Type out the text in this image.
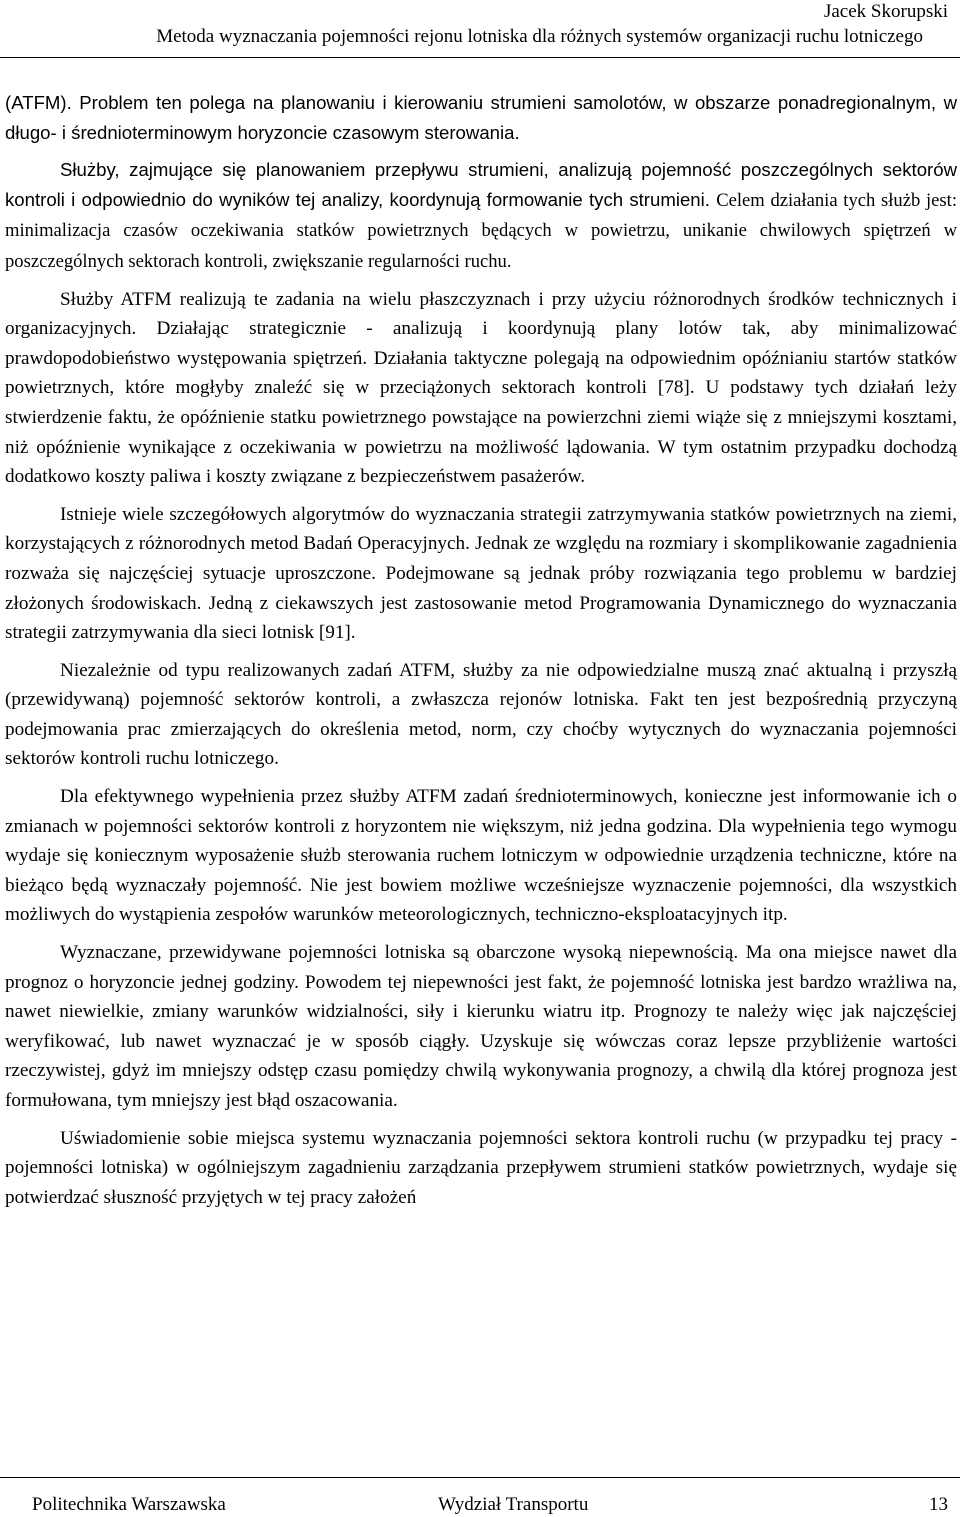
Jacek Skorupski
Metoda wyznaczania pojemności rejonu lotniska dla różnych systemów organizacji ruchu lotniczego

(ATFM). Problem ten polega na planowaniu i kierowaniu strumieni samolotów, w obszarze ponadregionalnym, w długo- i średnioterminowym horyzoncie czasowym sterowania.

Służby, zajmujące się planowaniem przepływu strumieni, analizują pojemność poszczególnych sektorów kontroli i odpowiednio do wyników tej analizy, koordynują formowanie tych strumieni. Celem działania tych służb jest: minimalizacja czasów oczekiwania statków powietrznych będących w powietrzu, unikanie chwilowych spiętrzeń w poszczególnych sektorach kontroli, zwiększanie regularności ruchu.

Służby ATFM realizują te zadania na wielu płaszczyznach i przy użyciu różnorodnych środków technicznych i organizacyjnych. Działając strategicznie - analizują i koordynują plany lotów tak, aby minimalizować prawdopodobieństwo występowania spiętrzeń. Działania taktyczne polegają na odpowiednim opóźnianiu startów statków powietrznych, które mogłyby znaleźć się w przeciążonych sektorach kontroli [78]. U podstawy tych działań leży stwierdzenie faktu, że opóźnienie statku powietrznego powstające na powierzchni ziemi wiąże się z mniejszymi kosztami, niż opóźnienie wynikające z oczekiwania w powietrzu na możliwość lądowania. W tym ostatnim przypadku dochodzą dodatkowo koszty paliwa i koszty związane z bezpieczeństwem pasażerów.

Istnieje wiele szczegółowych algorytmów do wyznaczania strategii zatrzymywania statków powietrznych na ziemi, korzystających z różnorodnych metod Badań Operacyjnych. Jednak ze względu na rozmiary i skomplikowanie zagadnienia rozważa się najczęściej sytuacje uproszczone. Podejmowane są jednak próby rozwiązania tego problemu w bardziej złożonych środowiskach. Jedną z ciekawszych jest zastosowanie metod Programowania Dynamicznego do wyznaczania strategii zatrzymywania dla sieci lotnisk [91].

Niezależnie od typu realizowanych zadań ATFM, służby za nie odpowiedzialne muszą znać aktualną i przyszłą (przewidywaną) pojemność sektorów kontroli, a zwłaszcza rejonów lotniska. Fakt ten jest bezpośrednią przyczyną podejmowania prac zmierzających do określenia metod, norm, czy choćby wytycznych do wyznaczania pojemności sektorów kontroli ruchu lotniczego.

Dla efektywnego wypełnienia przez służby ATFM zadań średnioterminowych, konieczne jest informowanie ich o zmianach w pojemności sektorów kontroli z horyzontem nie większym, niż jedna godzina. Dla wypełnienia tego wymogu wydaje się koniecznym wyposażenie służb sterowania ruchem lotniczym w odpowiednie urządzenia techniczne, które na bieżąco będą wyznaczały pojemność. Nie jest bowiem możliwe wcześniejsze wyznaczenie pojemności, dla wszystkich możliwych do wystąpienia zespołów warunków meteorologicznych, techniczno-eksploatacyjnych itp.

Wyznaczane, przewidywane pojemności lotniska są obarczone wysoką niepewnością. Ma ona miejsce nawet dla prognoz o horyzoncie jednej godziny. Powodem tej niepewności jest fakt, że pojemność lotniska jest bardzo wrażliwa na, nawet niewielkie, zmiany warunków widzialności, siły i kierunku wiatru itp. Prognozy te należy więc jak najczęściej weryfikować, lub nawet wyznaczać je w sposób ciągły. Uzyskuje się wówczas coraz lepsze przybliżenie wartości rzeczywistej, gdyż im mniejszy odstęp czasu pomiędzy chwilą wykonywania prognozy, a chwilą dla której prognoza jest formułowana, tym mniejszy jest błąd oszacowania.

Uświadomienie sobie miejsca systemu wyznaczania pojemności sektora kontroli ruchu (w przypadku tej pracy - pojemności lotniska) w ogólniejszym zagadnieniu zarządzania przepływem strumieni statków powietrznych, wydaje się potwierdzać słuszność przyjętych w tej pracy założeń

Politechnika Warszawska	Wydział Transportu	13
